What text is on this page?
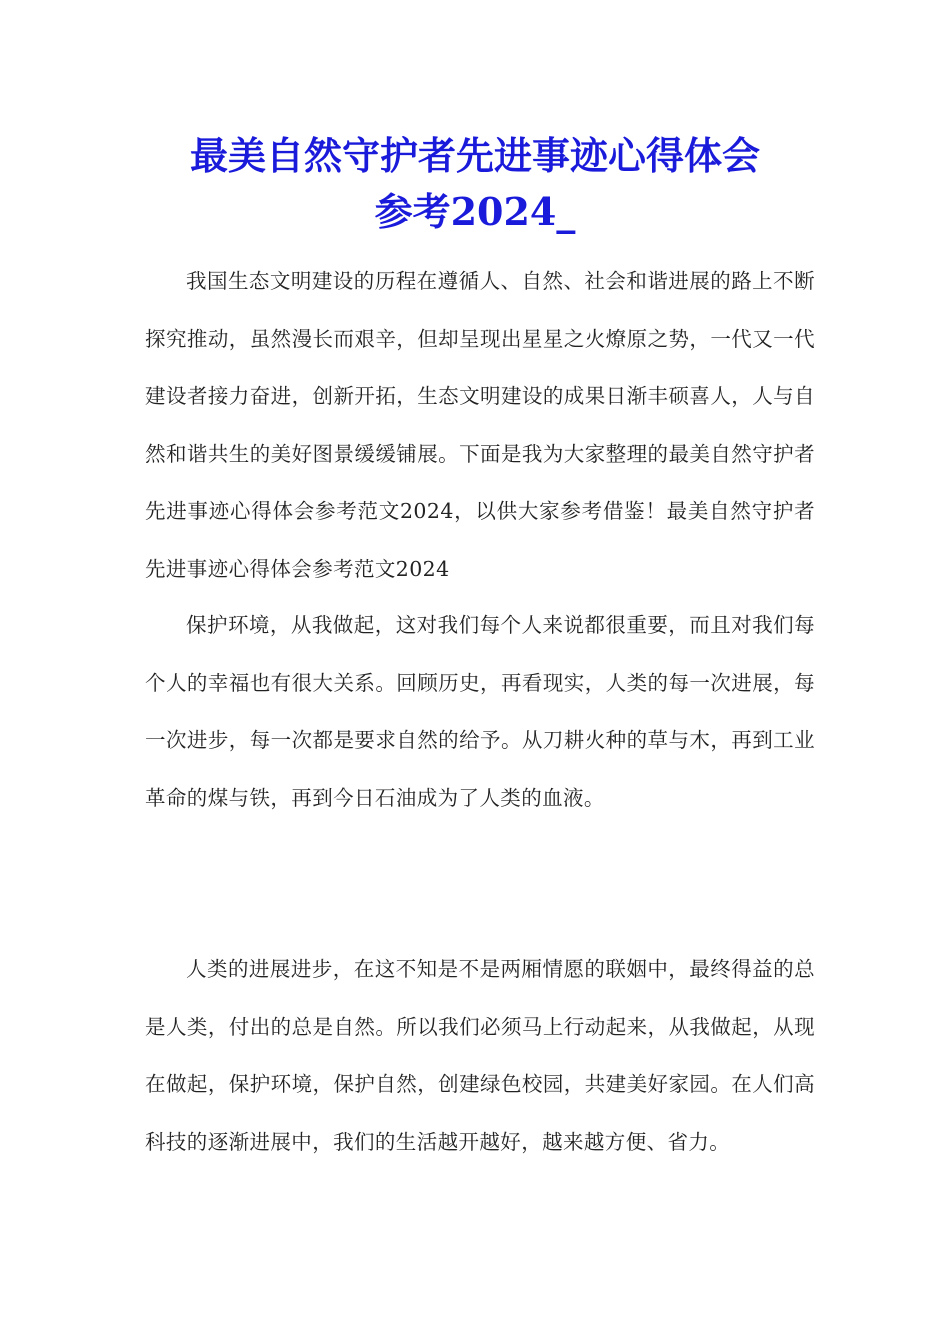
最美自然守护者先进事迹心得体会
参考2024_

我国生态文明建设的历程在遵循人、自然、社会和谐进展的路上不断探究推动，虽然漫长而艰辛，但却呈现出星星之火燎原之势，一代又一代建设者接力奋进，创新开拓，生态文明建设的成果日渐丰硕喜人，人与自然和谐共生的美好图景缓缓铺展。下面是我为大家整理的最美自然守护者先进事迹心得体会参考范文2024，以供大家参考借鉴！最美自然守护者先进事迹心得体会参考范文2024

保护环境，从我做起，这对我们每个人来说都很重要，而且对我们每个人的幸福也有很大关系。回顾历史，再看现实，人类的每一次进展，每一次进步，每一次都是要求自然的给予。从刀耕火种的草与木，再到工业革命的煤与铁，再到今日石油成为了人类的血液。

人类的进展进步，在这不知是不是两厢情愿的联姻中，最终得益的总是人类，付出的总是自然。所以我们必须马上行动起来，从我做起，从现在做起，保护环境，保护自然，创建绿色校园，共建美好家园。在人们高科技的逐渐进展中，我们的生活越开越好，越来越方便、省力。
